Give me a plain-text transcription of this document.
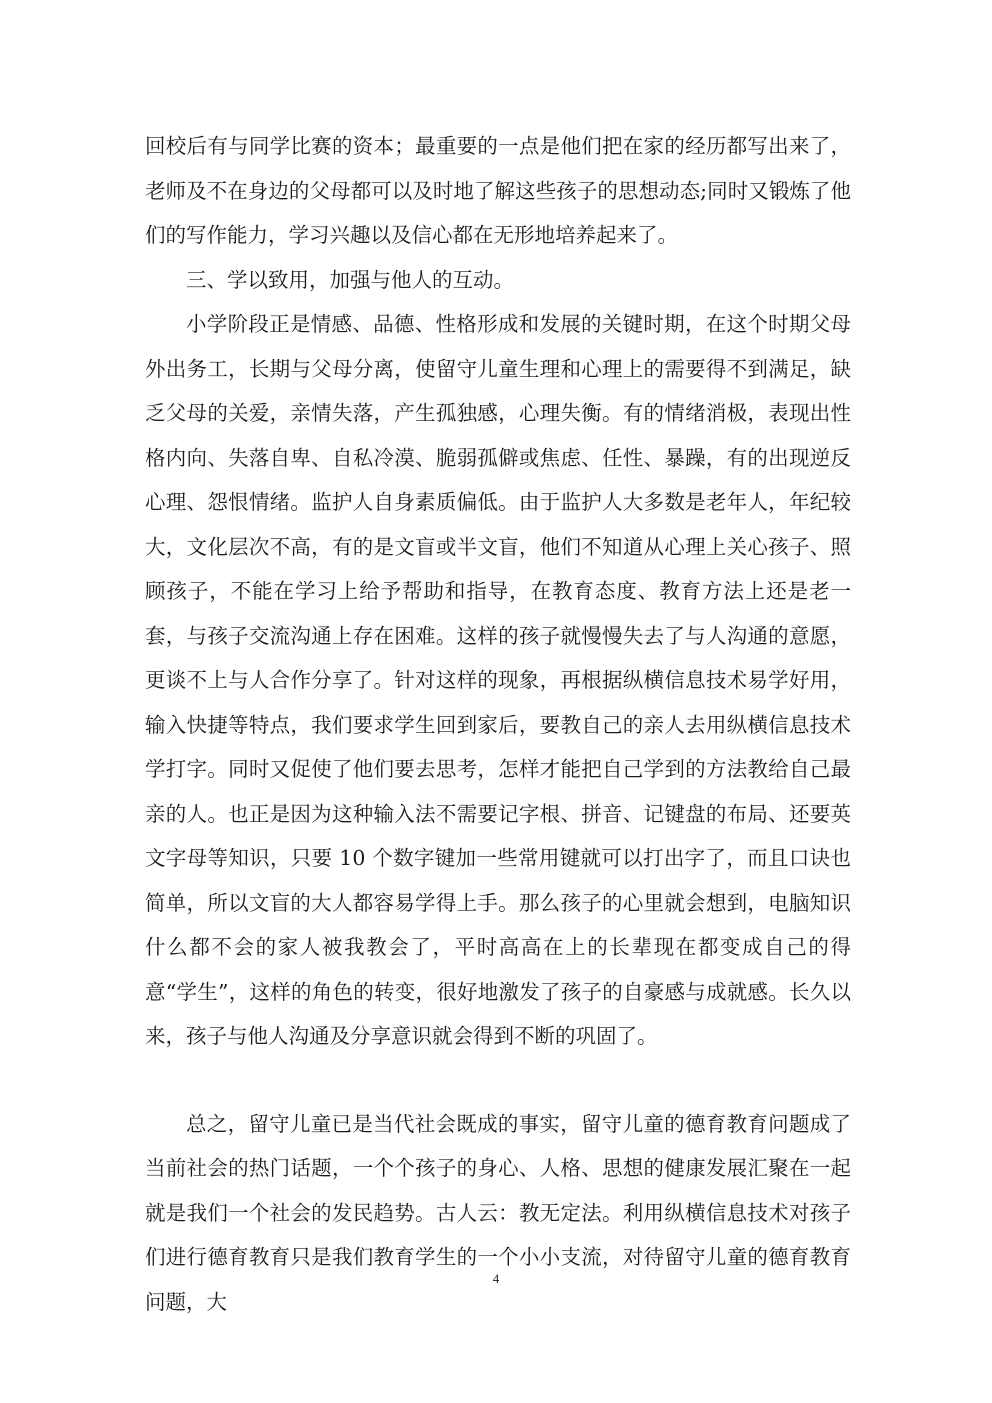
回校后有与同学比赛的资本；最重要的一点是他们把在家的经历都写出来了，老师及不在身边的父母都可以及时地了解这些孩子的思想动态;同时又锻炼了他们的写作能力，学习兴趣以及信心都在无形地培养起来了。

三、学以致用，加强与他人的互动。

小学阶段正是情感、品德、性格形成和发展的关键时期，在这个时期父母外出务工，长期与父母分离，使留守儿童生理和心理上的需要得不到满足，缺乏父母的关爱，亲情失落，产生孤独感，心理失衡。有的情绪消极，表现出性格内向、失落自卑、自私冷漠、脆弱孤僻或焦虑、任性、暴躁，有的出现逆反心理、怨恨情绪。监护人自身素质偏低。由于监护人大多数是老年人，年纪较大，文化层次不高，有的是文盲或半文盲，他们不知道从心理上关心孩子、照顾孩子，不能在学习上给予帮助和指导，在教育态度、教育方法上还是老一套，与孩子交流沟通上存在困难。这样的孩子就慢慢失去了与人沟通的意愿，更谈不上与人合作分享了。针对这样的现象，再根据纵横信息技术易学好用，输入快捷等特点，我们要求学生回到家后，要教自己的亲人去用纵横信息技术学打字。同时又促使了他们要去思考，怎样才能把自己学到的方法教给自己最亲的人。也正是因为这种输入法不需要记字根、拼音、记键盘的布局、还要英文字母等知识，只要 10 个数字键加一些常用键就可以打出字了，而且口诀也简单，所以文盲的大人都容易学得上手。那么孩子的心里就会想到，电脑知识什么都不会的家人被我教会了，平时高高在上的长辈现在都变成自己的得意“学生”，这样的角色的转变，很好地激发了孩子的自豪感与成就感。长久以来，孩子与他人沟通及分享意识就会得到不断的巩固了。

总之，留守儿童已是当代社会既成的事实，留守儿童的德育教育问题成了当前社会的热门话题，一个个孩子的身心、人格、思想的健康发展汇聚在一起就是我们一个社会的发民趋势。古人云：教无定法。利用纵横信息技术对孩子们进行德育教育只是我们教育学生的一个小小支流，对待留守儿童的德育教育问题，大

4
